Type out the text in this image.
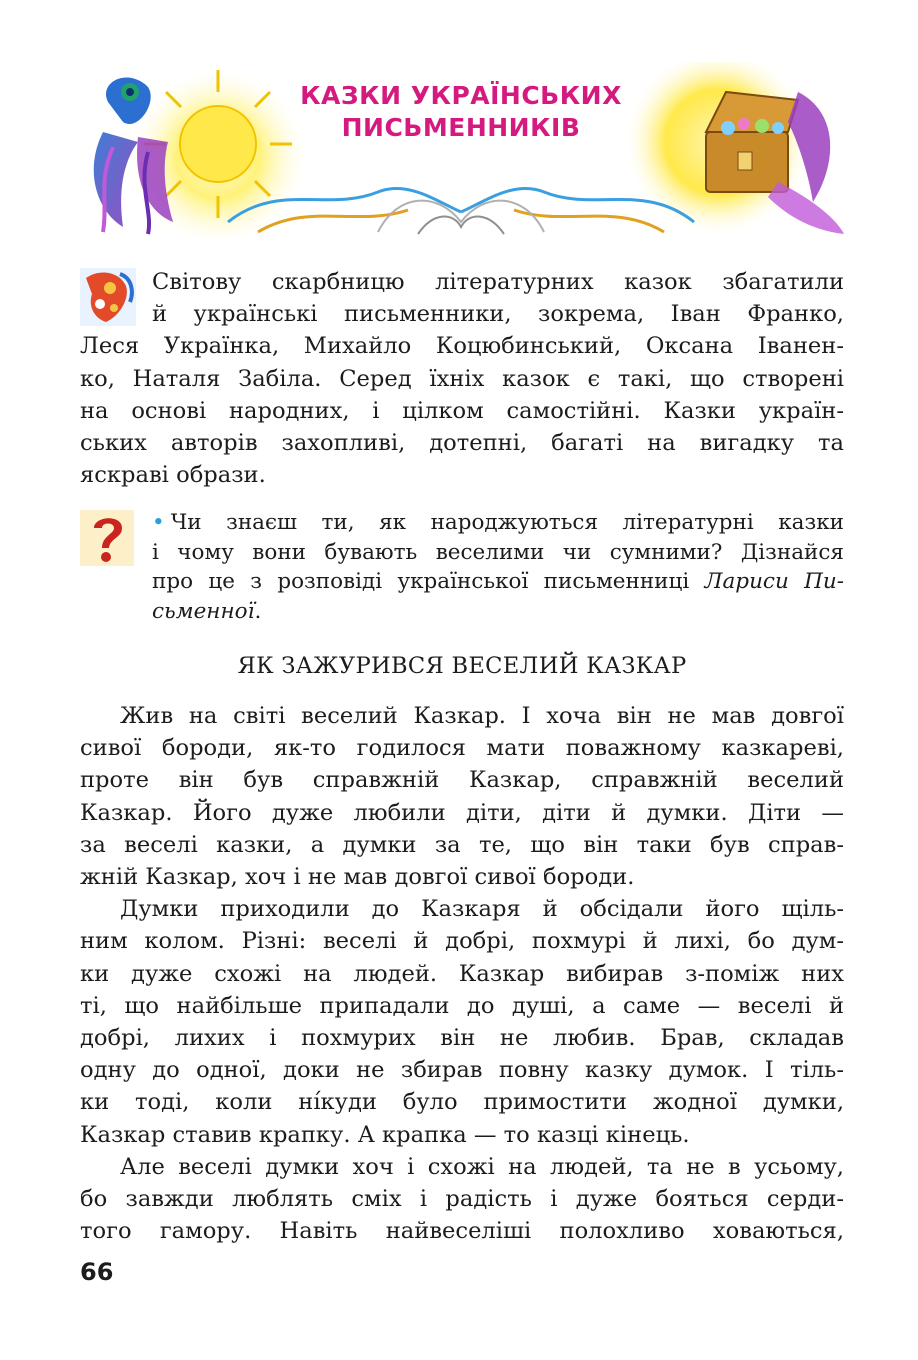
КАЗКИ УКРАЇНСЬКИХ
ПИСЬМЕННИКІВ
Світову скарбницю літературних казок збагатили
й українські письменники, зокрема, Іван Франко,
Леся Українка, Михайло Коцюбинський, Оксана Іванен-
ко, Наталя Забіла. Серед їхніх казок є такі, що створені
на основі народних, і цілком самостійні. Казки україн-
ських авторів захопливі, дотепні, багаті на вигадку та
яскраві образи.
• Чи знаєш ти, як народжуються літературні казки
і чому вони бувають веселими чи сумними? Дізнайся
про це з розповіді української письменниці Лариси Пи-
сьменної.
ЯК ЗАЖУРИВСЯ ВЕСЕЛИЙ КАЗКАР
Жив на світі веселий Казкар. І хоча він не мав довгої
сивої бороди, як-то годилося мати поважному казкареві,
проте він був справжній Казкар, справжній веселий
Казкар. Його дуже любили діти, діти й думки. Діти —
за веселі казки, а думки за те, що він таки був справ-
жній Казкар, хоч і не мав довгої сивої бороди.
Думки приходили до Казкаря й обсідали його щіль-
ним колом. Різні: веселі й добрі, похмурі й лихі, бо дум-
ки дуже схожі на людей. Казкар вибирав з-поміж них
ті, що найбільше припадали до душі, а саме — веселі й
добрі, лихих і похмурих він не любив. Брав, складав
одну до одної, доки не збирав повну казку думок. І тіль-
ки тоді, коли ні́куди було примостити жодної думки,
Казкар ставив крапку. А крапка — то казці кінець.
Але веселі думки хоч і схожі на людей, та не в усьому,
бо завжди люблять сміх і радість і дуже бояться серди-
того гамору. Навіть найвеселіші полохливо ховаються,
66
